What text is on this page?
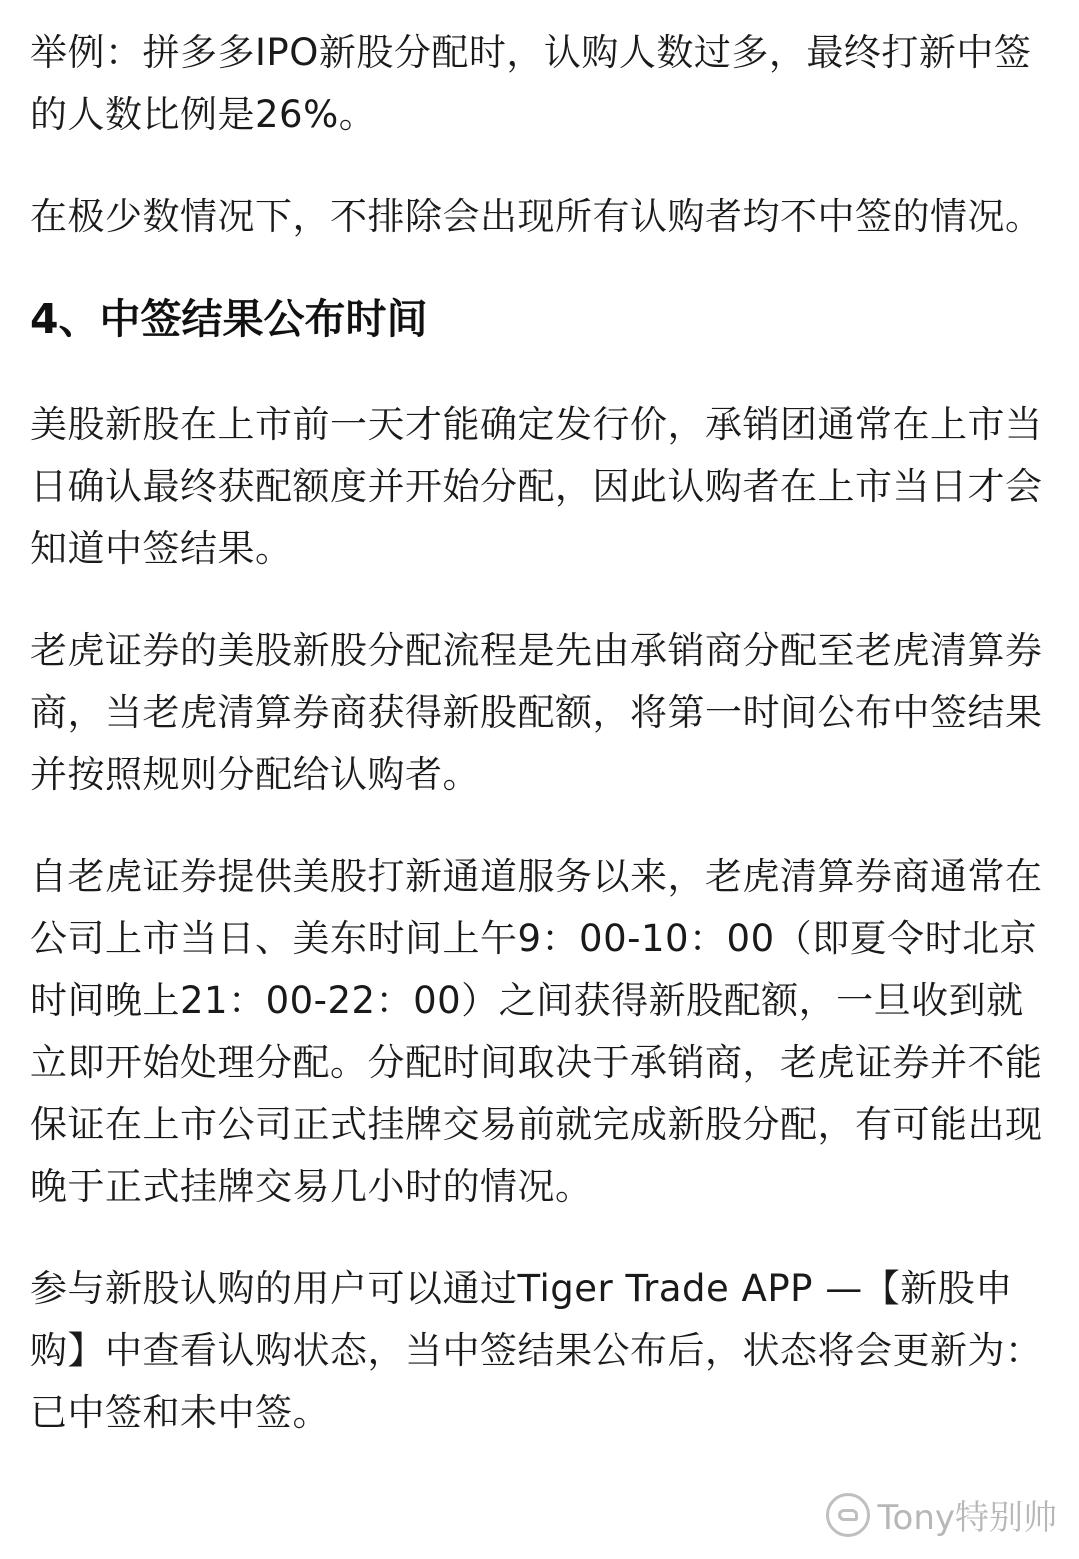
举例：拼多多IPO新股分配时，认购人数过多，最终打新中签的人数比例是26%。

在极少数情况下，不排除会出现所有认购者均不中签的情况。

4、中签结果公布时间

美股新股在上市前一天才能确定发行价，承销团通常在上市当日确认最终获配额度并开始分配，因此认购者在上市当日才会知道中签结果。

老虎证券的美股新股分配流程是先由承销商分配至老虎清算券商，当老虎清算券商获得新股配额，将第一时间公布中签结果并按照规则分配给认购者。

自老虎证券提供美股打新通道服务以来，老虎清算券商通常在公司上市当日、美东时间上午9：00-10：00（即夏令时北京时间晚上21：00-22：00）之间获得新股配额，一旦收到就立即开始处理分配。分配时间取决于承销商，老虎证券并不能保证在上市公司正式挂牌交易前就完成新股分配，有可能出现晚于正式挂牌交易几小时的情况。

参与新股认购的用户可以通过Tiger Trade APP —【新股申购】中查看认购状态，当中签结果公布后，状态将会更新为：已中签和未中签。

Tony特别帅
